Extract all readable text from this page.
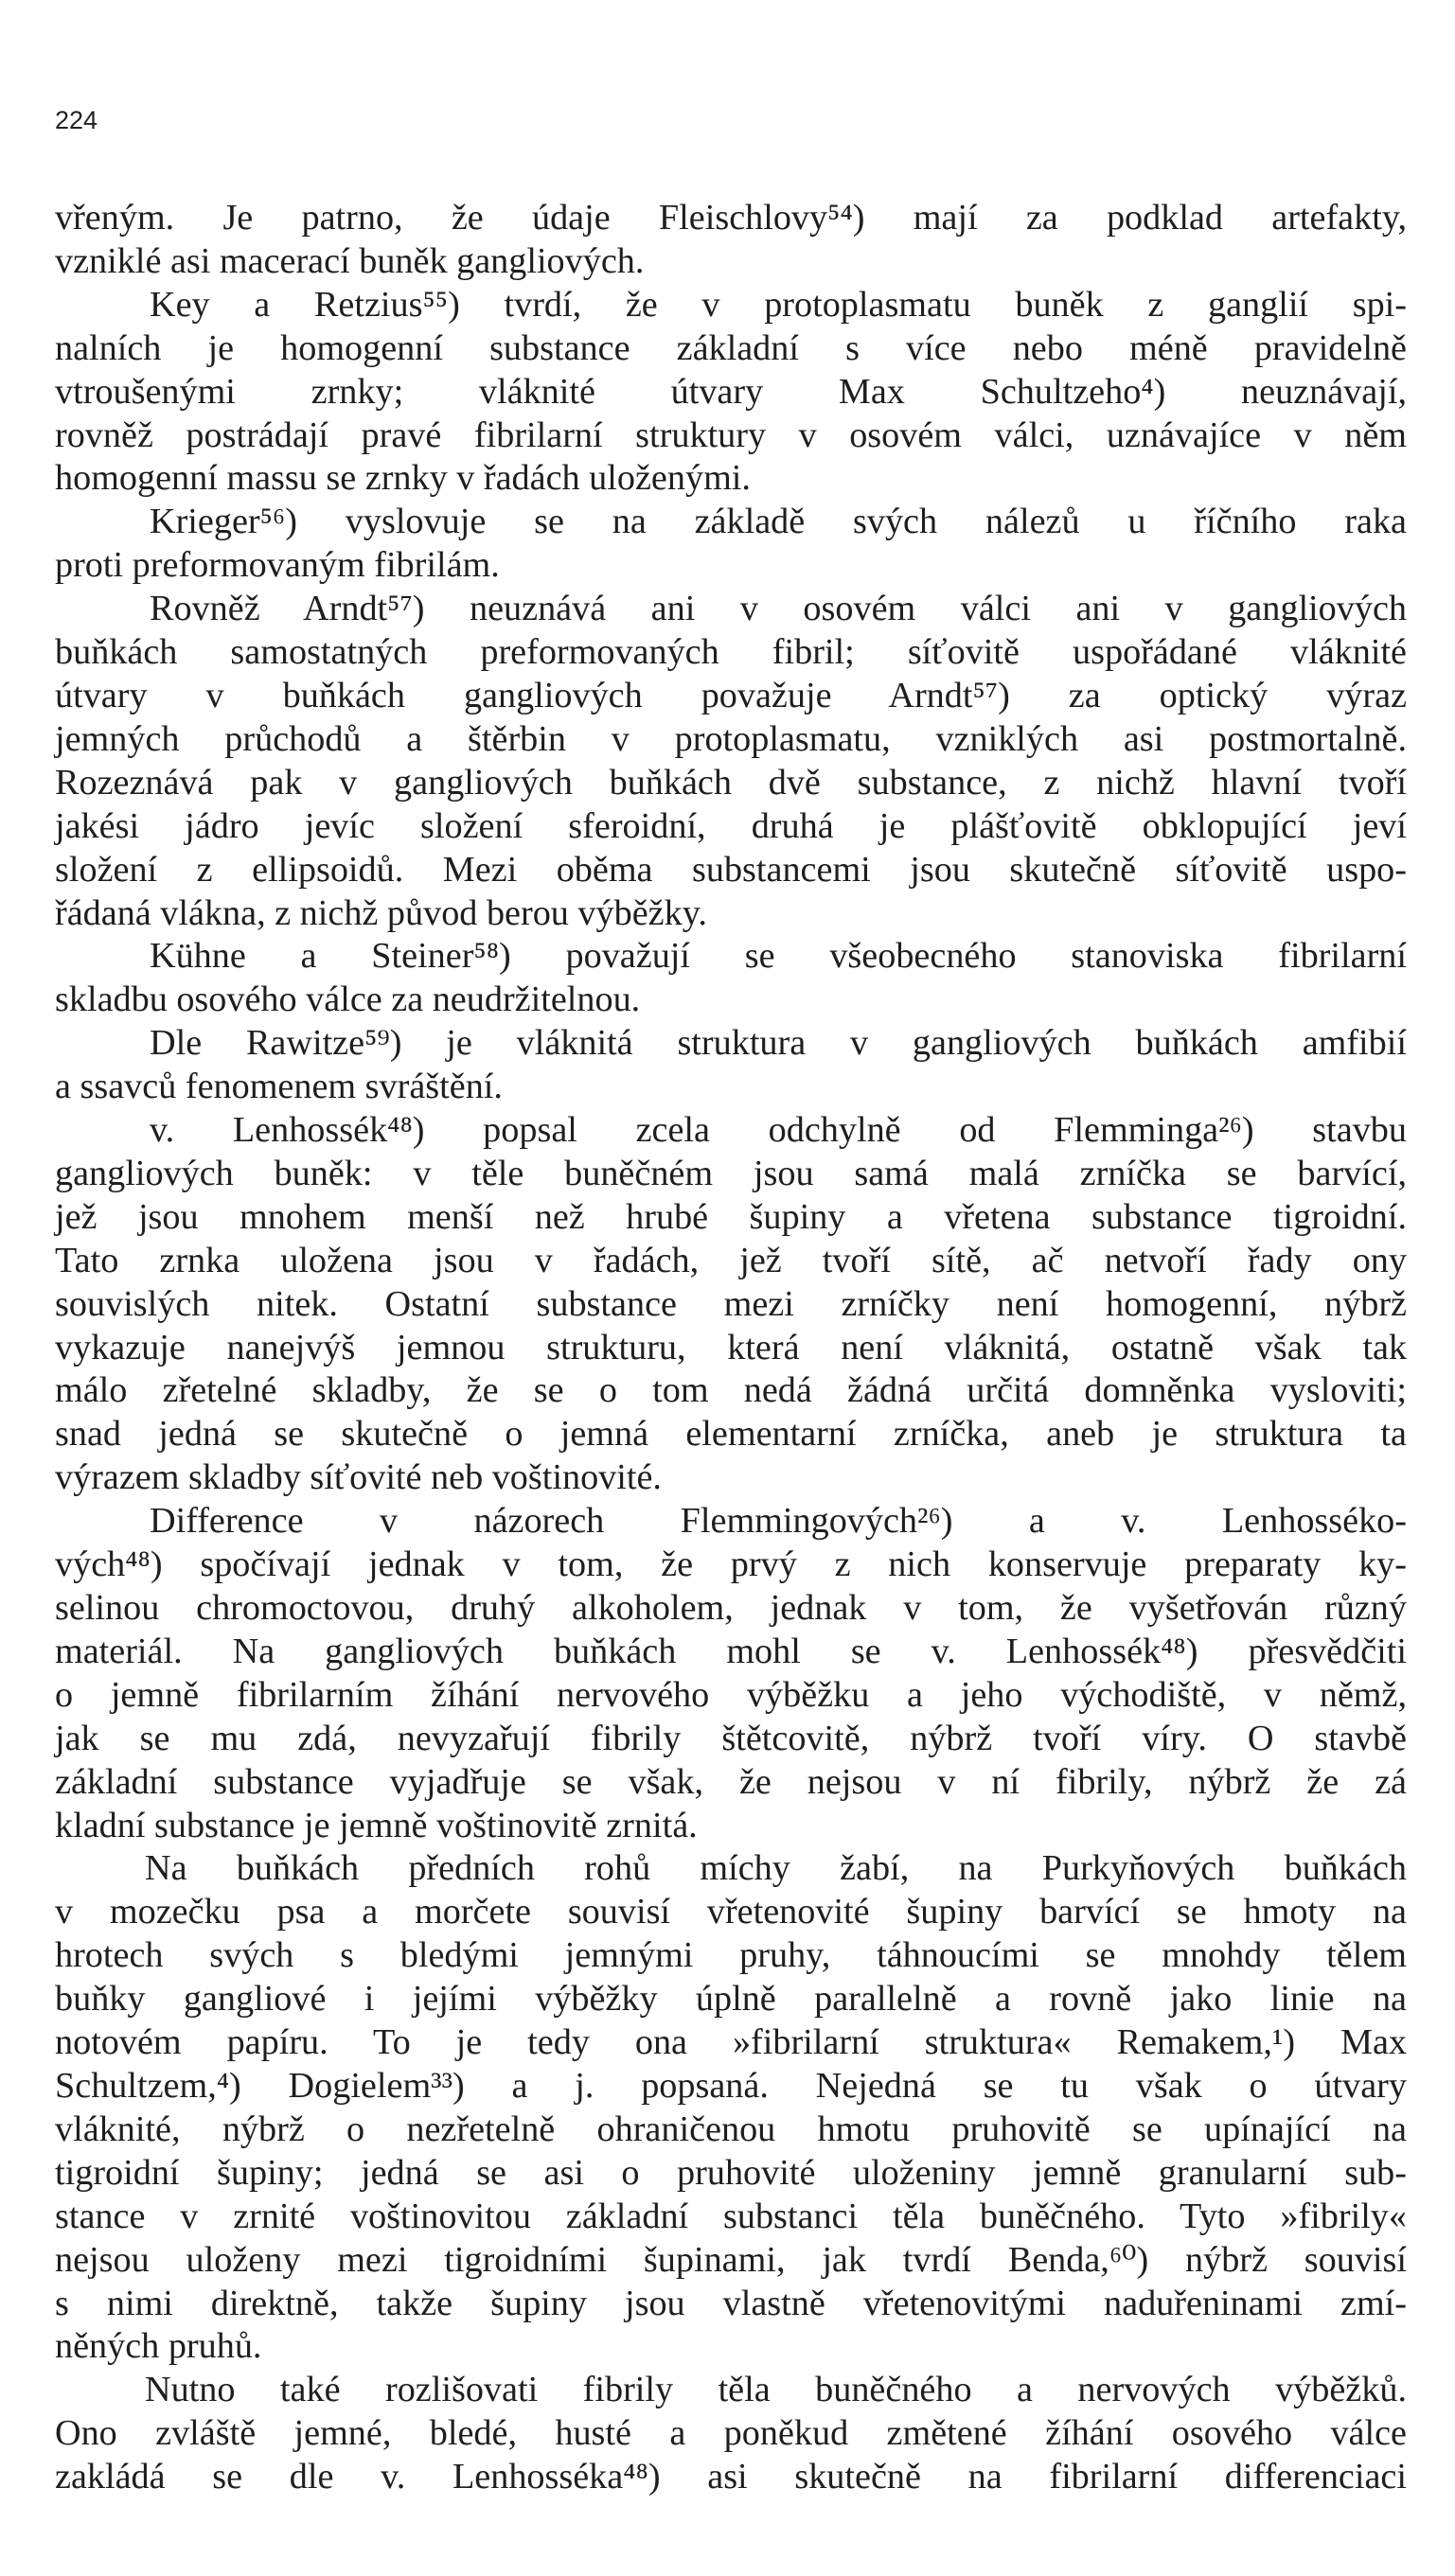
224
vřeným. Je patrno, že údaje Fleischlovy⁵⁴) mají za podklad artefakty,
vzniklé asi macerací buněk gangliových.
Key a Retzius⁵⁵) tvrdí, že v protoplasmatu buněk z ganglií spi-
nalních je homogenní substance základní s více nebo méně pravidelně
vtroušenými zrnky; vláknité útvary Max Schultzeho⁴) neuznávají,
rovněž postrádají pravé fibrilarní struktury v osovém válci, uznávajíce v něm
homogenní massu se zrnky v řadách uloženými.
Krieger⁵⁶) vyslovuje se na základě svých nálezů u říčního raka
proti preformovaným fibrilám.
Rovněž Arndt⁵⁷) neuznává ani v osovém válci ani v gangliových
buňkách samostatných preformovaných fibril; síťovitě uspořádané vláknité
útvary v buňkách gangliových považuje Arndt⁵⁷) za optický výraz
jemných průchodů a štěrbin v protoplasmatu, vzniklých asi postmortalně.
Rozeznává pak v gangliových buňkách dvě substance, z nichž hlavní tvoří
jakési jádro jevíc složení sferoidní, druhá je plášťovitě obklopující jeví
složení z ellipsoidů. Mezi oběma substancemi jsou skutečně síťovitě uspo-
řádaná vlákna, z nichž původ berou výběžky.
Kühne a Steiner⁵⁸) považují se všeobecného stanoviska fibrilarní
skladbu osového válce za neudržitelnou.
Dle Rawitze⁵⁹) je vláknitá struktura v gangliových buňkách amfibií
a ssavců fenomenem svráštění.
v. Lenhossék⁴⁸) popsal zcela odchylně od Flemminga²⁶) stavbu
gangliových buněk: v těle buněčném jsou samá malá zrníčka se barvící,
jež jsou mnohem menší než hrubé šupiny a vřetena substance tigroidní.
Tato zrnka uložena jsou v řadách, jež tvoří sítě, ač netvoří řady ony
souvislých nitek. Ostatní substance mezi zrníčky není homogenní, nýbrž
vykazuje nanejvýš jemnou strukturu, která není vláknitá, ostatně však tak
málo zřetelné skladby, že se o tom nedá žádná určitá domněnka vysloviti;
snad jedná se skutečně o jemná elementarní zrníčka, aneb je struktura ta
výrazem skladby síťovité neb voštinovité.
Difference v názorech Flemmingových²⁶) a v. Lenhosséko-
vých⁴⁸) spočívají jednak v tom, že prvý z nich konservuje preparaty ky-
selinou chromoctovou, druhý alkoholem, jednak v tom, že vyšetřován různý
materiál. Na gangliových buňkách mohl se v. Lenhossék⁴⁸) přesvědčiti
o jemně fibrilarním žíhání nervového výběžku a jeho východiště, v němž,
jak se mu zdá, nevyzařují fibrily štětcovitě, nýbrž tvoří víry. O stavbě
základní substance vyjadřuje se však, že nejsou v ní fibrily, nýbrž že zá
kladní substance je jemně voštinovitě zrnitá.
Na buňkách předních rohů míchy žabí, na Purkyňových buňkách
v mozečku psa a morčete souvisí vřetenovité šupiny barvící se hmoty na
hrotech svých s bledými jemnými pruhy, táhnoucími se mnohdy tělem
buňky gangliové i jejími výběžky úplně parallelně a rovně jako linie na
notovém papíru. To je tedy ona »fibrilarní struktura« Remakem,¹) Max
Schultzem,⁴) Dogielem³³) a j. popsaná. Nejedná se tu však o útvary
vláknité, nýbrž o nezřetelně ohraničenou hmotu pruhovitě se upínající na
tigroidní šupiny; jedná se asi o pruhovité uloženiny jemně granularní sub-
stance v zrnité voštinovitou základní substanci těla buněčného. Tyto »fibrily«
nejsou uloženy mezi tigroidními šupinami, jak tvrdí Benda,⁶⁰) nýbrž souvisí
s nimi direktně, takže šupiny jsou vlastně vřetenovitými naduřeninami zmí-
něných pruhů.
Nutno také rozlišovati fibrily těla buněčného a nervových výběžků.
Ono zvláště jemné, bledé, husté a poněkud změtené žíhání osového válce
zakládá se dle v. Lenhosséka⁴⁸) asi skutečně na fibrilarní differenciaci
